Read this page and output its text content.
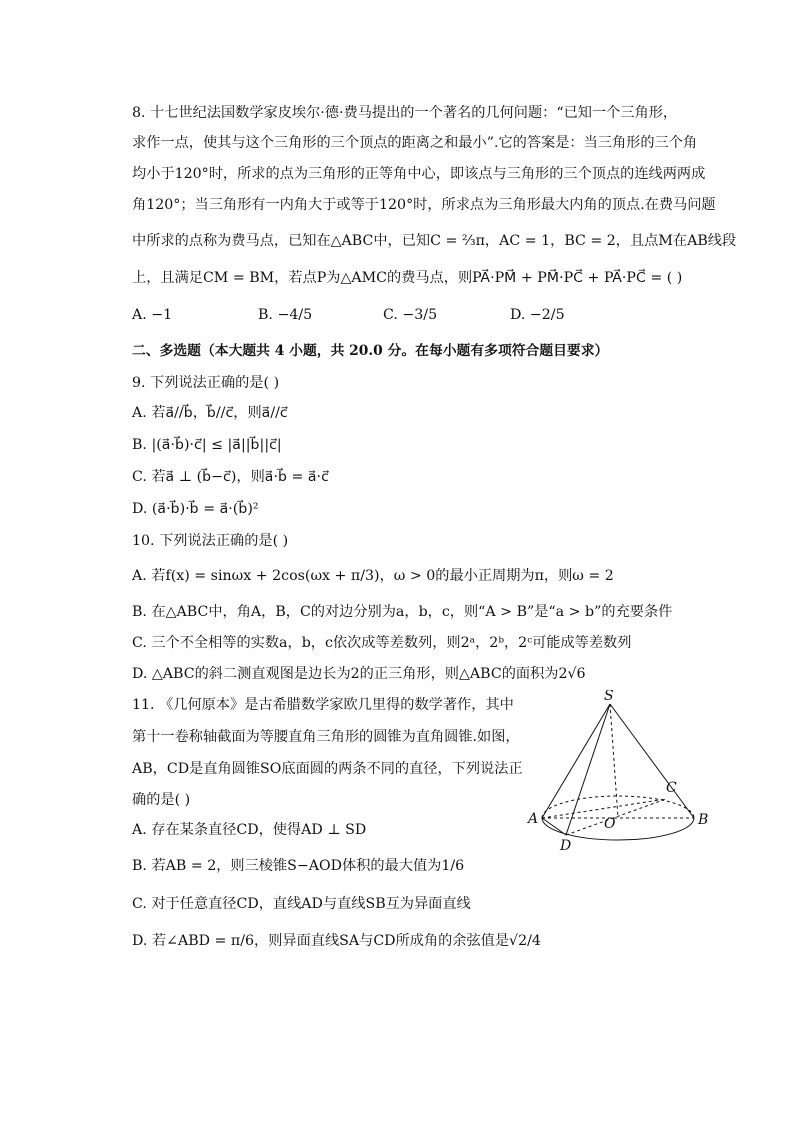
8. 十七世纪法国数学家皮埃尔·德·费马提出的一个著名的几何问题：“已知一个三角形，
求作一点，使其与这个三角形的三个顶点的距离之和最小”.它的答案是：当三角形的三个角
均小于120°时，所求的点为三角形的正等角中心，即该点与三角形的三个顶点的连线两两成
角120°；当三角形有一内角大于或等于120°时，所求点为三角形最大内角的顶点.在费马问题
中所求的点称为费马点，已知在△ABC中，已知C = ⅔π，AC = 1，BC = 2，且点M在AB线段
上，且满足CM = BM，若点P为△AMC的费马点，则PA⃗·PM⃗ + PM⃗·PC⃗ + PA⃗·PC⃗ = ( )
A. −1	B. −4/5	C. −3/5	D. −2/5
二、多选题（本大题共 4 小题，共 20.0 分。在每小题有多项符合题目要求）
9. 下列说法正确的是( )
A. 若a⃗//b⃗，b⃗//c⃗，则a⃗//c⃗
B. |(a⃗·b⃗)·c⃗| ≤ |a⃗||b⃗||c⃗|
C. 若a⃗ ⊥ (b⃗−c⃗)，则a⃗·b⃗ = a⃗·c⃗
D. (a⃗·b⃗)·b⃗ = a⃗·(b⃗)²
10. 下列说法正确的是( )
A. 若f(x) = sinωx + 2cos(ωx + π/3)，ω > 0的最小正周期为π，则ω = 2
B. 在△ABC中，角A，B，C的对边分别为a，b，c，则“A > B”是“a > b”的充要条件
C. 三个不全相等的实数a，b，c依次成等差数列，则2ᵃ，2ᵇ，2ᶜ可能成等差数列
D. △ABC的斜二测直观图是边长为2的正三角形，则△ABC的面积为2√6
11. 《几何原本》是古希腊数学家欧几里得的数学著作，其中
第十一卷称轴截面为等腰直角三角形的圆锥为直角圆锥.如图，
AB，CD是直角圆锥SO底面圆的两条不同的直径，下列说法正
确的是( )
A. 存在某条直径CD，使得AD ⊥ SD
B. 若AB = 2，则三棱锥S−AOD体积的最大值为1/6
C. 对于任意直径CD，直线AD与直线SB互为异面直线
D. 若∠ABD = π/6，则异面直线SA与CD所成角的余弦值是√2/4
S
A	B
C
D
O
